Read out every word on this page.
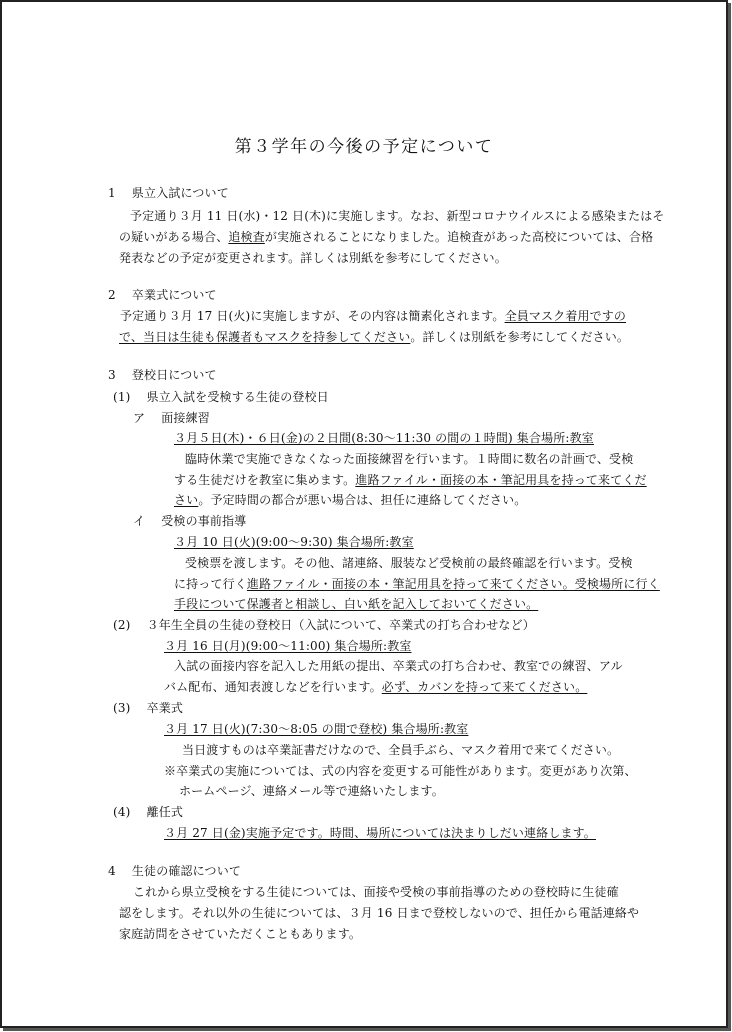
第３学年の今後の予定について
1　 県立入試について
予定通り３月 11 日(水)・12 日(木)に実施します。なお、新型コロナウイルスによる感染またはそ
の疑いがある場合、追検査が実施されることになりました。追検査があった高校については、合格
発表などの予定が変更されます。詳しくは別紙を参考にしてください。
2　 卒業式について
予定通り３月 17 日(火)に実施しますが、その内容は簡素化されます。全員マスク着用ですの
で、当日は生徒も保護者もマスクを持参してください。詳しくは別紙を参考にしてください。
3　 登校日について
(1)　 県立入試を受検する生徒の登校日
ア　 面接練習
３月５日(木)・６日(金)の２日間(8:30～11:30 の間の１時間) 集合場所:教室
臨時休業で実施できなくなった面接練習を行います。１時間に数名の計画で、受検
する生徒だけを教室に集めます。進路ファイル・面接の本・筆記用具を持って来てくだ
さい。予定時間の都合が悪い場合は、担任に連絡してください。
イ　 受検の事前指導
３月 10 日(火)(9:00～9:30) 集合場所:教室
受検票を渡します。その他、諸連絡、服装など受検前の最終確認を行います。受検
に持って行く進路ファイル・面接の本・筆記用具を持って来てください。受検場所に行く
手段について保護者と相談し、白い紙を記入しておいてください。
(2)　 ３年生全員の生徒の登校日（入試について、卒業式の打ち合わせなど）
３月 16 日(月)(9:00～11:00) 集合場所:教室
入試の面接内容を記入した用紙の提出、卒業式の打ち合わせ、教室での練習、アル
バム配布、通知表渡しなどを行います。必ず、カバンを持って来てください。
(3)　 卒業式
３月 17 日(火)(7:30～8:05 の間で登校) 集合場所:教室
当日渡すものは卒業証書だけなので、全員手ぶら、マスク着用で来てください。
※卒業式の実施については、式の内容を変更する可能性があります。変更があり次第、
ホームページ、連絡メール等で連絡いたします。
(4)　 離任式
３月 27 日(金)実施予定です。時間、場所については決まりしだい連絡します。
4　 生徒の確認について
これから県立受検をする生徒については、面接や受検の事前指導のための登校時に生徒確
認をします。それ以外の生徒については、３月 16 日まで登校しないので、担任から電話連絡や
家庭訪問をさせていただくこともあります。
